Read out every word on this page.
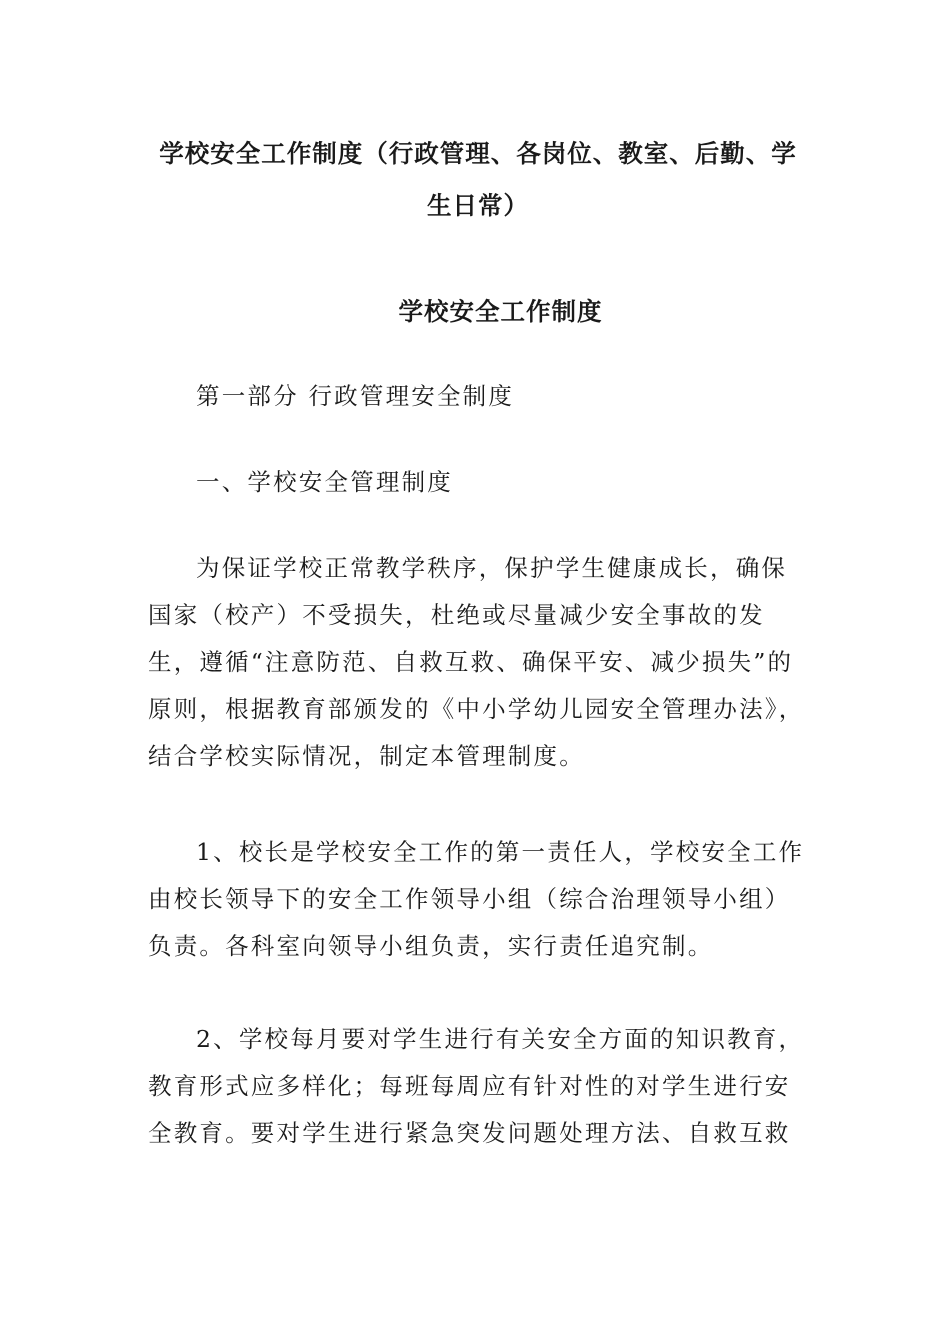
学校安全工作制度（行政管理、各岗位、教室、后勤、学生日常）
学校安全工作制度

第一部分 行政管理安全制度

一、学校安全管理制度

为保证学校正常教学秩序，保护学生健康成长，确保国家（校产）不受损失，杜绝或尽量减少安全事故的发生，遵循“注意防范、自救互救、确保平安、减少损失”的原则，根据教育部颁发的《中小学幼儿园安全管理办法》，结合学校实际情况，制定本管理制度。

1、校长是学校安全工作的第一责任人，学校安全工作由校长领导下的安全工作领导小组（综合治理领导小组）负责。各科室向领导小组负责，实行责任追究制。

2、学校每月要对学生进行有关安全方面的知识教育，教育形式应多样化；每班每周应有针对性的对学生进行安全教育。要对学生进行紧急突发问题处理方法、自救互救
